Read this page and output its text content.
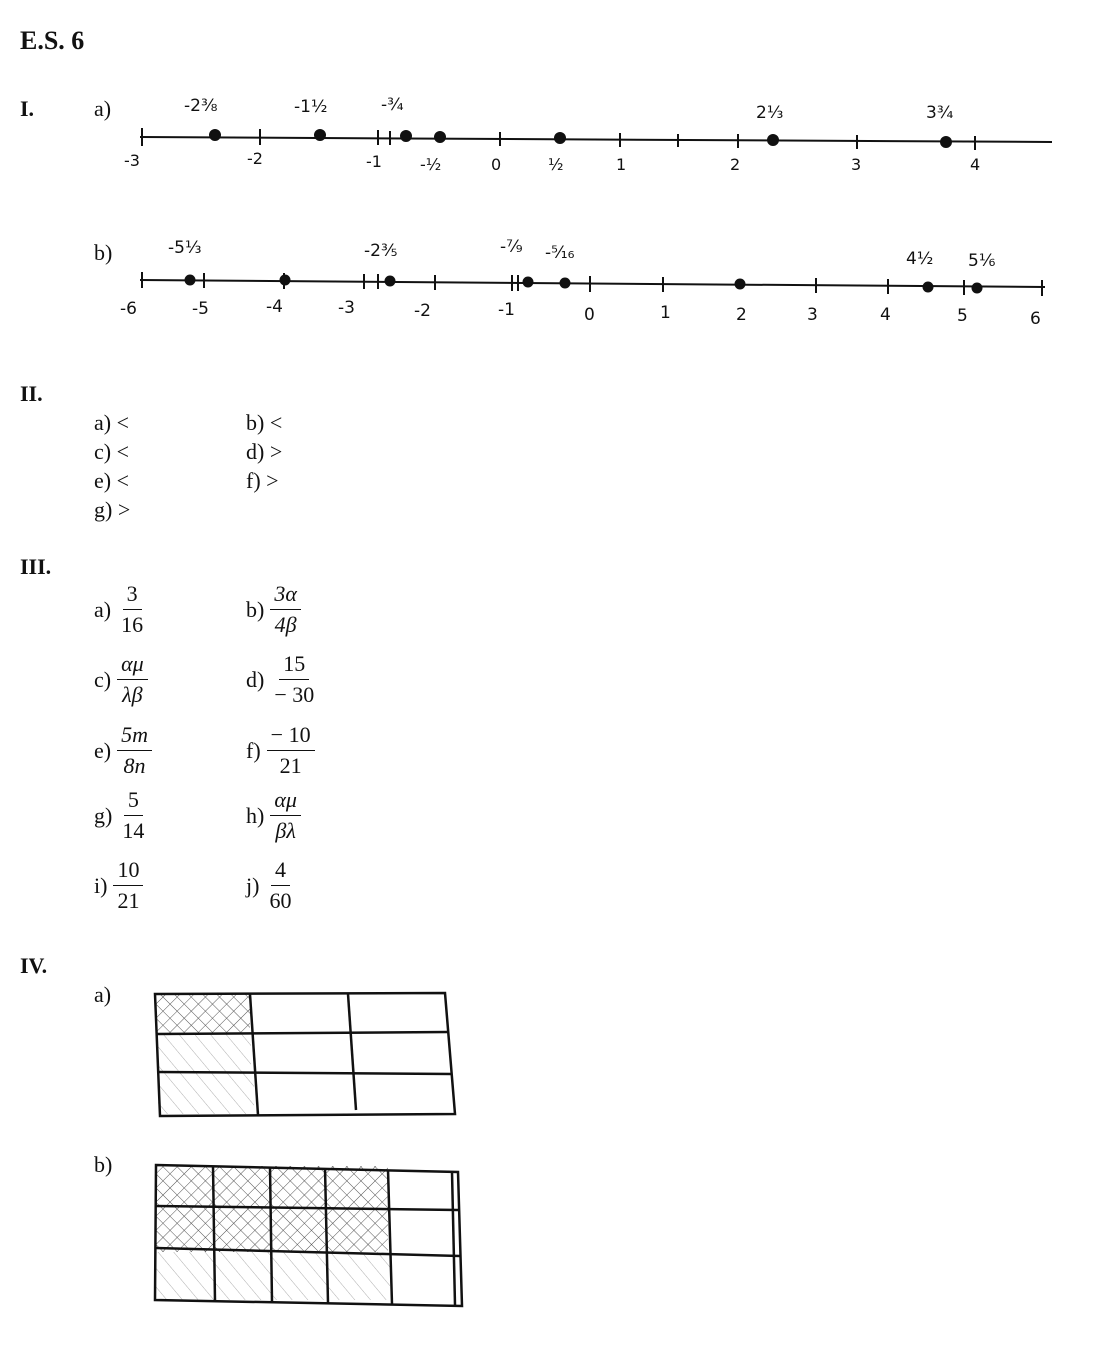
E.S. 6
I.	a)
b)
-3	-2	-1 -½	0	½	1	2	3	4
-2⅜	-1½	-¾	2⅓	3¾
-6	-5	-4	-3	-2	-1	0	1	2	3	4	5	6
-5⅓	-2⅗	-⁷⁄₉ -⁵⁄₁₆	4½ 5⅙
II.
a) <	b) <
c) <	d) >
e) <	f) >
g) >
III.
$a) \frac{3}{16}$	$b) \frac{3\alpha}{4\beta}$
$c) \frac{\alpha\mu}{\lambda\beta}$	$d) \frac{15}{- 30}$
$e) \frac{5m}{8n}$	$f) \frac{- 10}{21}$
$g) \frac{5}{14}$	$h) \frac{\alpha\mu}{\beta\lambda}$
$i) \frac{10}{21}$	$j) \frac{4}{60}$
IV.
a)
b)
